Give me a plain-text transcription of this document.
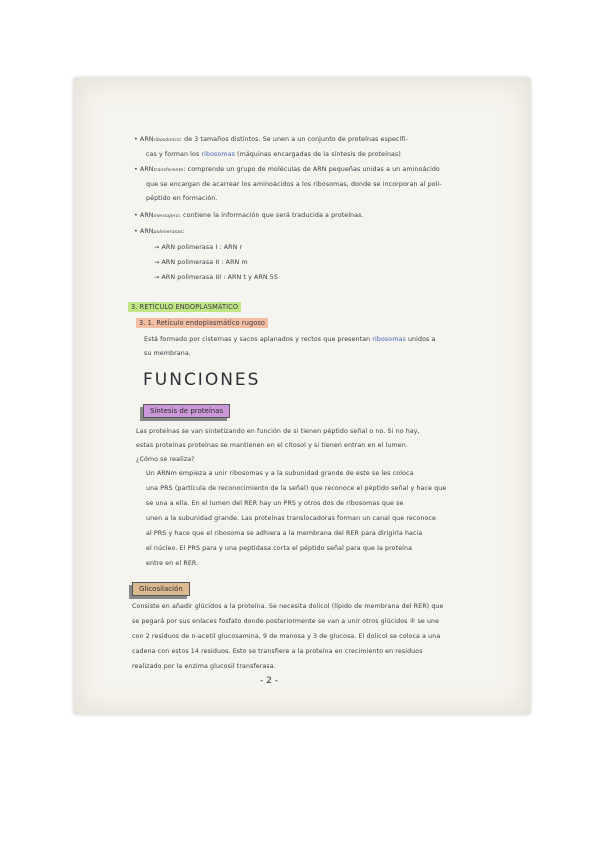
• ARNribosómico: de 3 tamaños distintos. Se unen a un conjunto de proteínas específi-
cas y forman los ribosomas (máquinas encargadas de la síntesis de proteínas)
• ARNtransferente: comprende un grupo de moléculas de ARN pequeñas unidas a un aminoácido
que se encargan de acarrear los aminoácidos a los ribosomas, donde se incorporan al poli-
péptido en formación.
• ARNmensajero: contiene la información que será traducida a proteínas.
• ARNpolimerasas:
→ ARN polimerasa I : ARN r
→ ARN polimerasa II : ARN m
→ ARN polimerasa III : ARN t y ARN 5S
3. RETÍCULO ENDOPLASMÁTICO
3. 1. Retículo endoplasmático rugoso
Está formado por cisternas y sacos aplanados y rectos que presentan ribosomas unidos a
su membrana.
FUNCIONES
Síntesis de proteínas
Las proteínas se van sintetizando en función de si tienen péptido señal o no. Si no hay,
estas proteínas proteínas se mantienen en el citosol y si tienen entran en el lumen.
¿Cómo se realiza?
Un ARNm empieza a unir ribosomas y a la subunidad grande de este se les coloca
una PRS (partícula de reconocimiento de la señal) que reconoce el péptido señal y hace que
se una a ella. En el lumen del RER hay un PRS y otros dos de ribosomas que se
unen a la subunidad grande. Las proteínas translocadoras forman un canal que reconoce
al PRS y hace que el ribosoma se adhiera a la membrana del RER para dirigirla hacia
el núcleo. El PRS para y una peptidasa corta el péptido señal para que la proteína
entre en el RER.
Glicosilación
Consiste en añadir glúcidos a la proteína. Se necesita dolicol (lípido de membrana del RER) que
se pegará por sus enlaces fosfato donde posteriormente se van a unir otros glúcidos ④ se une
con 2 residuos de n-acetil glucosamina, 9 de manosa y 3 de glucosa. El dolicol se coloca a una
cadena con estos 14 residuos. Esto se transfiere a la proteína en crecimiento en residuos
realizado por la enzima glucosil transferasa.
- 2 -
